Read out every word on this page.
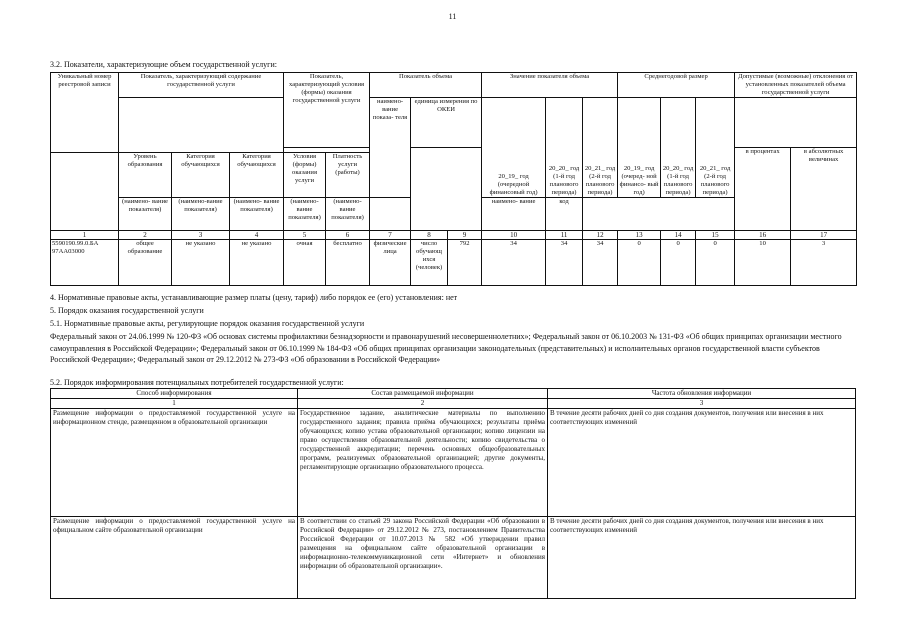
11
3.2. Показатели, характеризующие объем государственной услуги:
Уникальный номер реестровой записи	Показатель, характеризующий содержание государственной услуги			Показатель, характеризующий условия (формы) оказания государственной услуги		Показатель объема			Значение показателя объема			Среднегодовой размер			Допустимые (возможные) отклонения от установленных показателей объема государственной услуги	
						наимено- вание показа- теля	единица измерения по ОКЕИ		20_19_ год (очередной финансовый год)	20_20_ год (1-й год планового периода)	20_21_ год (2-й год планового периода)	20_19_ год (очеред- ной финансо- вый год)	20_20_ год (1-й год планового периода)	20_21_ год (2-й год планового периода)		
															в процентах	в абсолютных величинах
	Уровень образования	Категория обучающихся	Категория обучающихся	Условия (формы) оказания услуги	Платность услуги (работы)											
	(наимено- вание показателя)	(наимено-вание показателя)	(наимено- вание показателя)	(наимено- вание показателя)	(наимено- вание показателя)				наимено- вание	код						
1	2	3	4	5	6	7	8	9	10	11	12	13	14	15	16	17
5590190.99.0.БА 97АА03000	общее образование	не указано	не указано	очная	бесплатно	физические лица	число обучающ ихся (человек)	792	34	34	34	0	0	0	10	3
4. Нормативные правовые акты, устанавливающие размер платы (цену, тариф) либо порядок ее (его) установления: нет
5. Порядок оказания государственной услуги
5.1. Нормативные правовые акты, регулирующие порядок оказания государственной услуги
Федеральный закон от 24.06.1999 № 120-ФЗ «Об основах системы профилактики безнадзорности и правонарушений несовершеннолетних»; Федеральный закон от 06.10.2003 № 131-ФЗ «Об общих принципах организации местного самоуправления в Российской Федерации»; Федеральный закон от 06.10.1999 № 184-ФЗ «Об общих принципах организации законодательных (представительных) и исполнительных органов государственной власти субъектов Российской Федерации»; Федеральный закон от 29.12.2012 № 273-ФЗ «Об образовании в Российской Федерации»
5.2. Порядок информирования потенциальных потребителей государственной услуги:
Способ информирования	Состав размещаемой информации	Частота обновления информации
1	2	3
Размещение информации о предоставляемой государственной услуге на информационном стенде, размещенном в образовательной организации	Государственное задание, аналитические материалы по выполнению государственного задания; правила приёма обучающихся; результаты приёма обучающихся; копию устава образовательной организации; копию лицензии на право осуществления образовательной деятельности; копию свидетельства о государственной аккредитации; перечень основных общеобразовательных программ, реализуемых образовательной организацией; другие документы, регламентирующие организацию образовательного процесса.	В течение десяти рабочих дней со дня создания документов, получения или внесения в них соответствующих изменений
Размещение информации о предоставляемой государственной услуге на официальном сайте образовательной организации	В соответствии со статьей 29 закона Российской Федерации «Об образовании в Российской Федерации» от 29.12.2012 № 273, постановлением Правительства Российской Федерации от 10.07.2013 № 582 «Об утверждении правил размещения на официальном сайте образовательной организации в информационно-телекоммуникационной сети «Интернет» и обновления информации об образовательной организации».	В течение десяти рабочих дней со дня создания документов, получения или внесения в них соответствующих изменений
